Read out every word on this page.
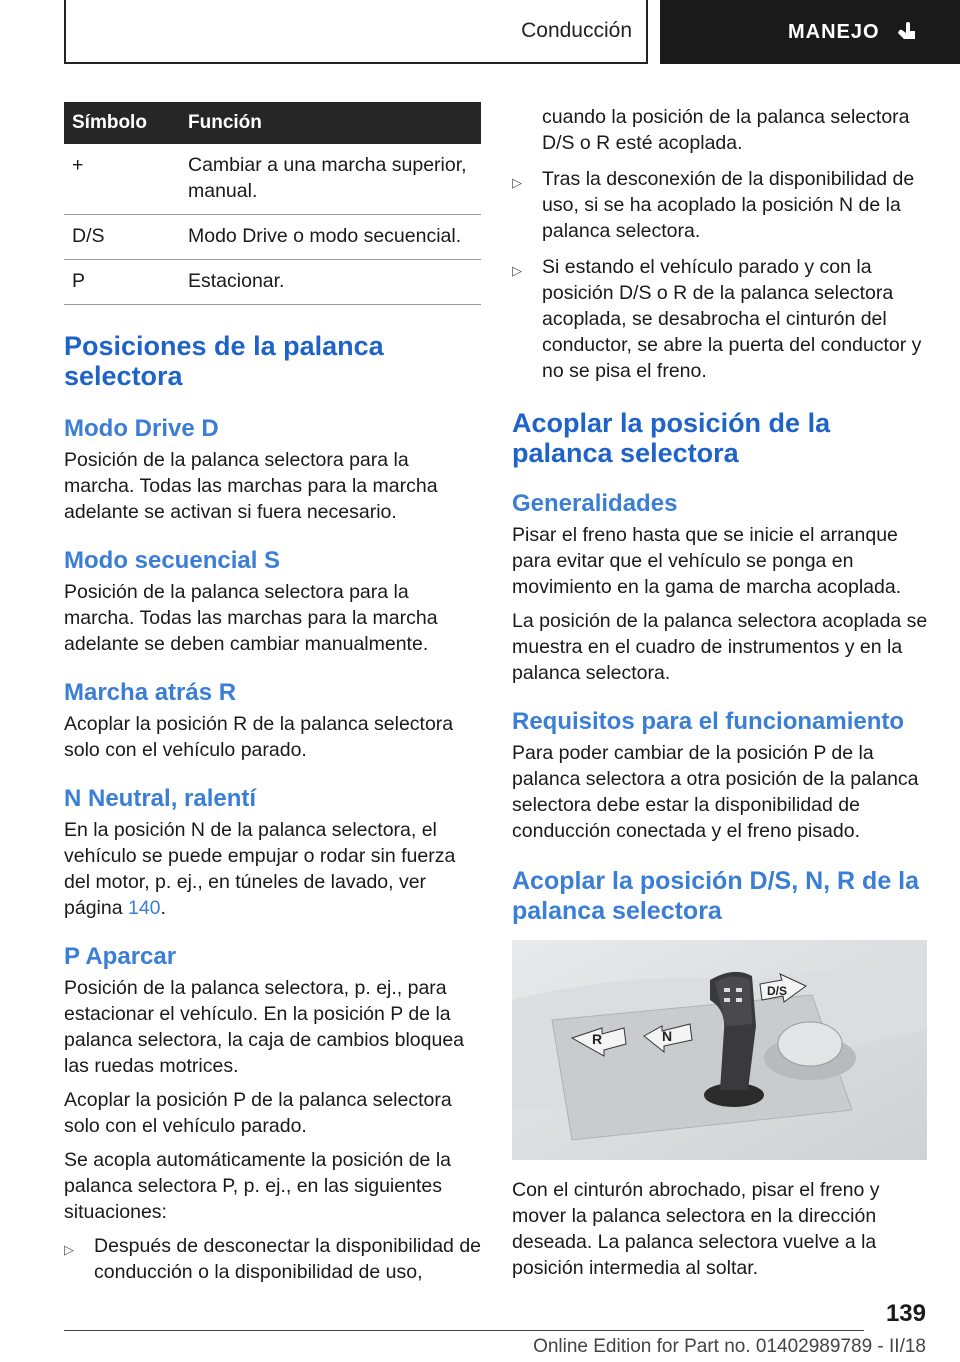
Conducción	MANEJO
Símbolo	Función
+	Cambiar a una marcha superior, manual.
D/S	Modo Drive o modo secuencial.
P	Estacionar.
Posiciones de la palanca selectora
Modo Drive D

Posición de la palanca selectora para la marcha. Todas las marchas para la marcha adelante se activan si fuera necesario.

Modo secuencial S

Posición de la palanca selectora para la marcha. Todas las marchas para la marcha adelante se deben cambiar manualmente.

Marcha atrás R

Acoplar la posición R de la palanca selectora solo con el vehículo parado.

N Neutral, ralentí

En la posición N de la palanca selectora, el vehículo se puede empujar o rodar sin fuerza del motor, p. ej., en túneles de lavado, ver página 140.

P Aparcar

Posición de la palanca selectora, p. ej., para estacionar el vehículo. En la posición P de la palanca selectora, la caja de cambios bloquea las ruedas motrices.

Acoplar la posición P de la palanca selectora solo con el vehículo parado.

Se acopla automáticamente la posición de la palanca selectora P, p. ej., en las siguientes situaciones:

▷ Después de desconectar la disponibilidad de conducción o la disponibilidad de uso,
cuando la posición de la palanca selectora D/S o R esté acoplada.
▷ Tras la desconexión de la disponibilidad de uso, si se ha acoplado la posición N de la palanca selectora.
▷ Si estando el vehículo parado y con la posición D/S o R de la palanca selectora acoplada, se desabrocha el cinturón del conductor, se abre la puerta del conductor y no se pisa el freno.
Acoplar la posición de la palanca selectora
Generalidades

Pisar el freno hasta que se inicie el arranque para evitar que el vehículo se ponga en movimiento en la gama de marcha acoplada.

La posición de la palanca selectora acoplada se muestra en el cuadro de instrumentos y en la palanca selectora.

Requisitos para el funcionamiento

Para poder cambiar de la posición P de la palanca selectora a otra posición de la palanca selectora debe estar la disponibilidad de conducción conectada y el freno pisado.

Acoplar la posición D/S, N, R de la palanca selectora
R	N
D/S

Con el cinturón abrochado, pisar el freno y mover la palanca selectora en la dirección deseada. La palanca selectora vuelve a la posición intermedia al soltar.

139
Online Edition for Part no. 01402989789 - II/18
